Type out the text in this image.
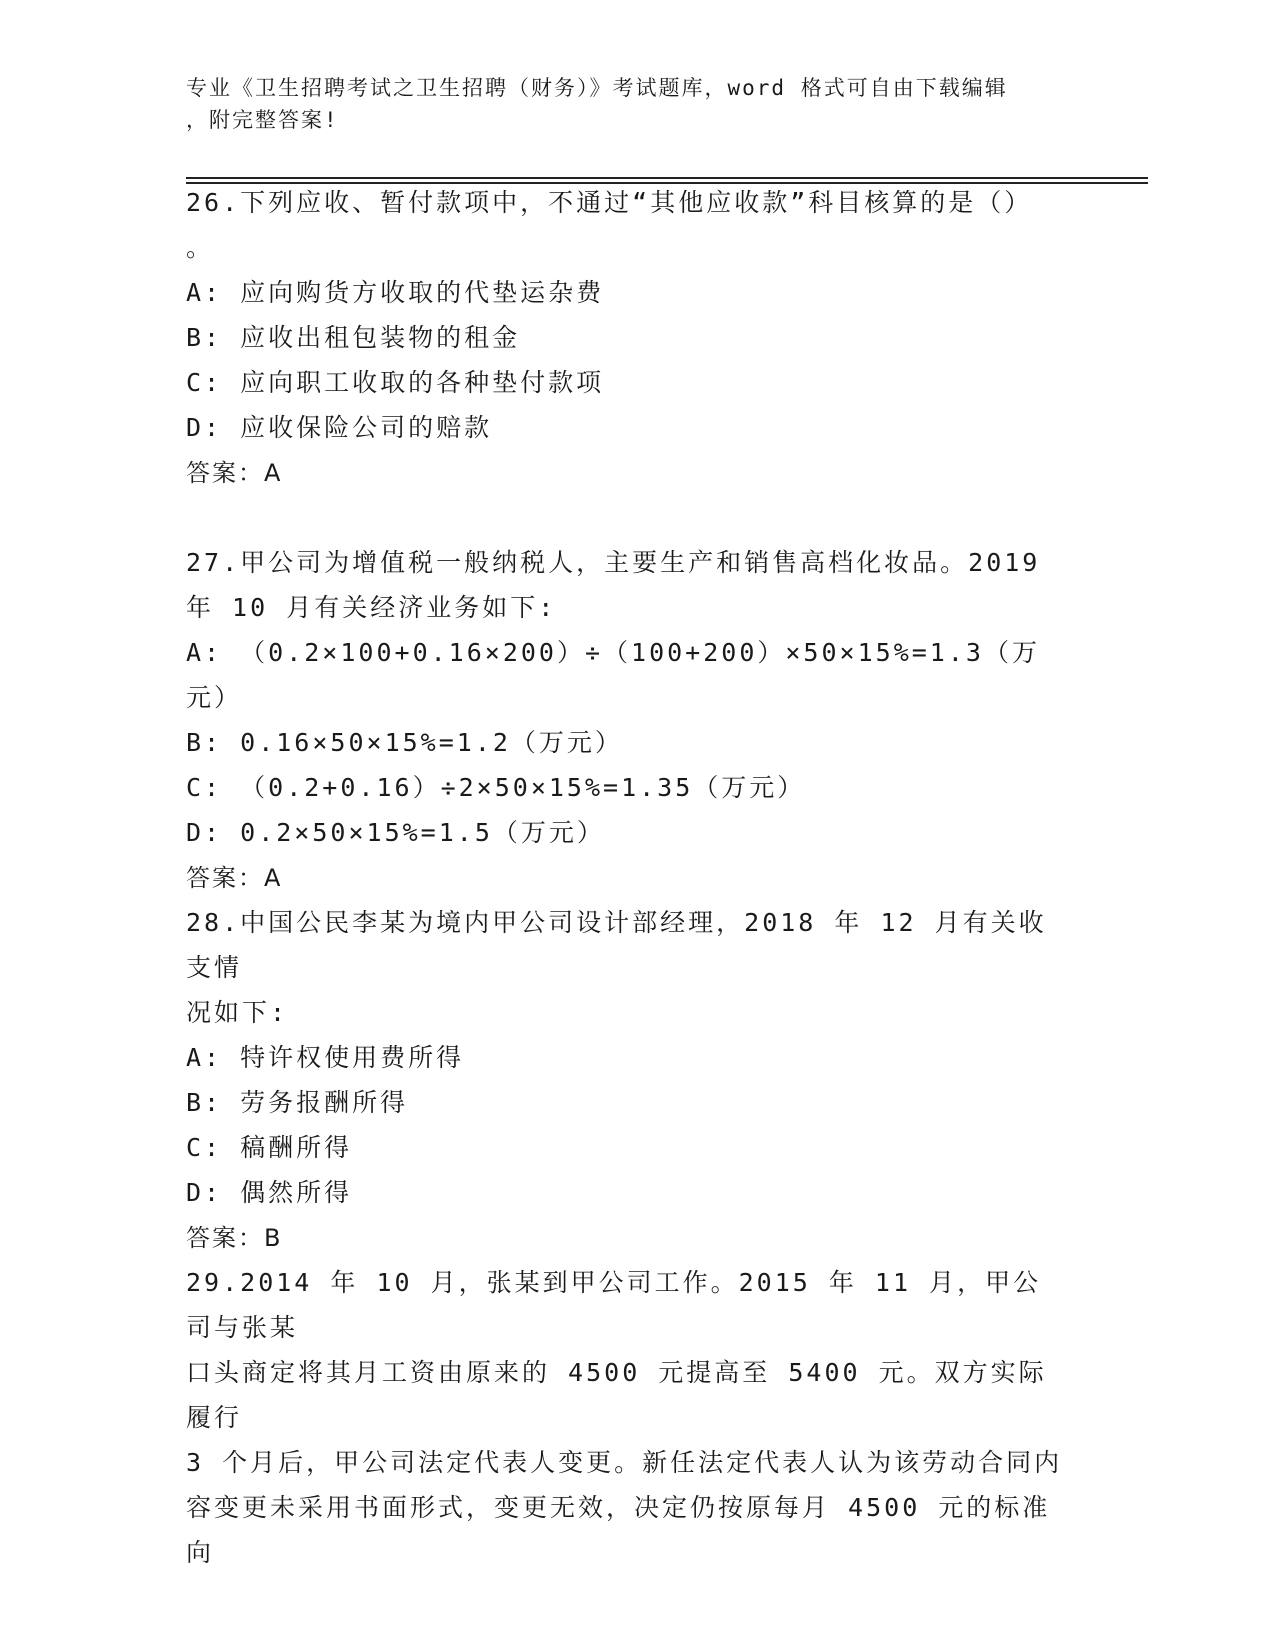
专业《卫生招聘考试之卫生招聘（财务）》考试题库，word 格式可自由下载编辑
，附完整答案!
26.下列应收、暂付款项中，不通过“其他应收款”科目核算的是（）
。
A: 应向购货方收取的代垫运杂费
B: 应收出租包装物的租金
C: 应向职工收取的各种垫付款项
D: 应收保险公司的赔款
答案：A
27.甲公司为增值税一般纳税人，主要生产和销售高档化妆品。2019
年 10 月有关经济业务如下:
A: （0.2×100+0.16×200）÷（100+200）×50×15%=1.3（万元）
B: 0.16×50×15%=1.2（万元）
C: （0.2+0.16）÷2×50×15%=1.35（万元）
D: 0.2×50×15%=1.5（万元）
答案：A
28.中国公民李某为境内甲公司设计部经理，2018 年 12 月有关收支情
况如下:
A: 特许权使用费所得
B: 劳务报酬所得
C: 稿酬所得
D: 偶然所得
答案：B
29.2014 年 10 月，张某到甲公司工作。2015 年 11 月，甲公司与张某
口头商定将其月工资由原来的 4500 元提高至 5400 元。双方实际履行
3 个月后，甲公司法定代表人变更。新任法定代表人认为该劳动合同内
容变更未采用书面形式，变更无效，决定仍按原每月 4500 元的标准向
